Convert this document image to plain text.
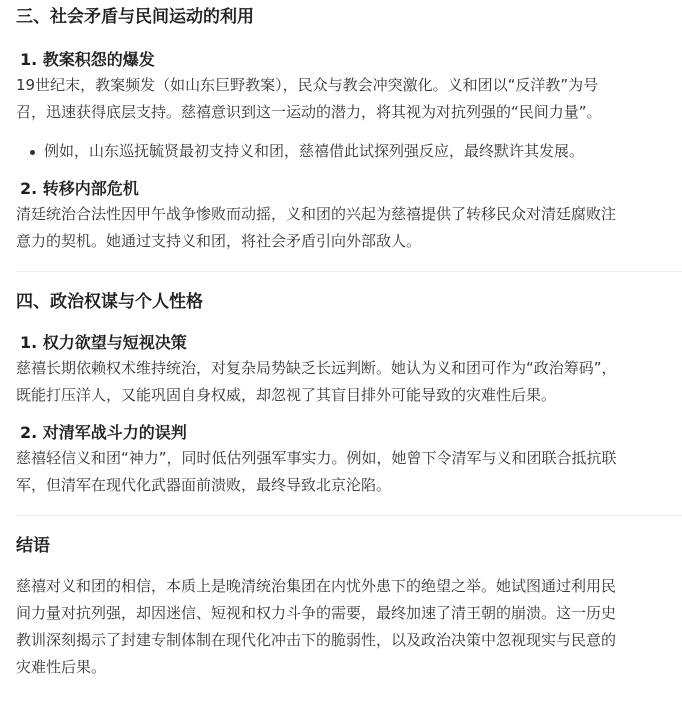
三、社会矛盾与民间运动的利用
1. 教案积怨的爆发

19世纪末，教案频发（如山东巨野教案），民众与教会冲突激化。义和团以“反洋教”为号

召，迅速获得底层支持。慈禧意识到这一运动的潜力，将其视为对抗列强的“民间力量”。

例如，山东巡抚毓贤最初支持义和团，慈禧借此试探列强反应，最终默许其发展。

2. 转移内部危机

清廷统治合法性因甲午战争惨败而动摇，义和团的兴起为慈禧提供了转移民众对清廷腐败注

意力的契机。她通过支持义和团，将社会矛盾引向外部敌人。

四、政治权谋与个人性格
1. 权力欲望与短视决策

慈禧长期依赖权术维持统治，对复杂局势缺乏长远判断。她认为义和团可作为“政治筹码”，

既能打压洋人，又能巩固自身权威，却忽视了其盲目排外可能导致的灾难性后果。

2. 对清军战斗力的误判

慈禧轻信义和团“神力”，同时低估列强军事实力。例如，她曾下令清军与义和团联合抵抗联

军，但清军在现代化武器面前溃败，最终导致北京沦陷。

结语

慈禧对义和团的相信，本质上是晚清统治集团在内忧外患下的绝望之举。她试图通过利用民

间力量对抗列强，却因迷信、短视和权力斗争的需要，最终加速了清王朝的崩溃。这一历史

教训深刻揭示了封建专制体制在现代化冲击下的脆弱性，以及政治决策中忽视现实与民意的

灾难性后果。
